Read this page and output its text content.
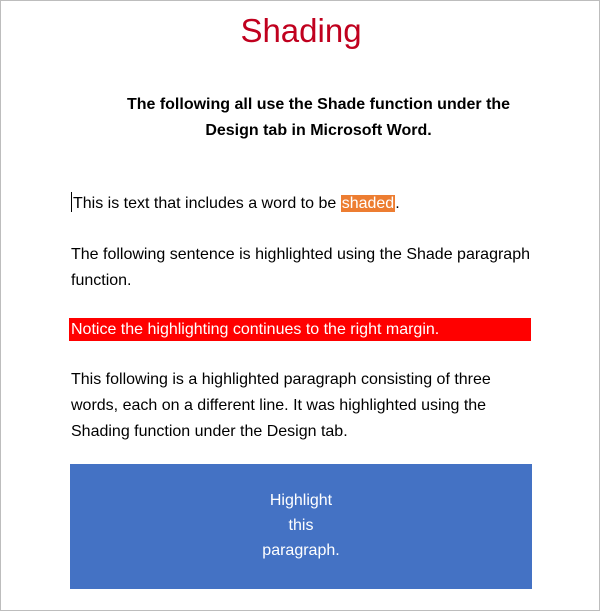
Shading
The following all use the Shade function under the Design tab in Microsoft Word.
This is text that includes a word to be shaded.
The following sentence is highlighted using the Shade paragraph function.
Notice the highlighting continues to the right margin.
This following is a highlighted paragraph consisting of three words, each on a different line. It was highlighted using the Shading function under the Design tab.
Highlight
this
paragraph.
